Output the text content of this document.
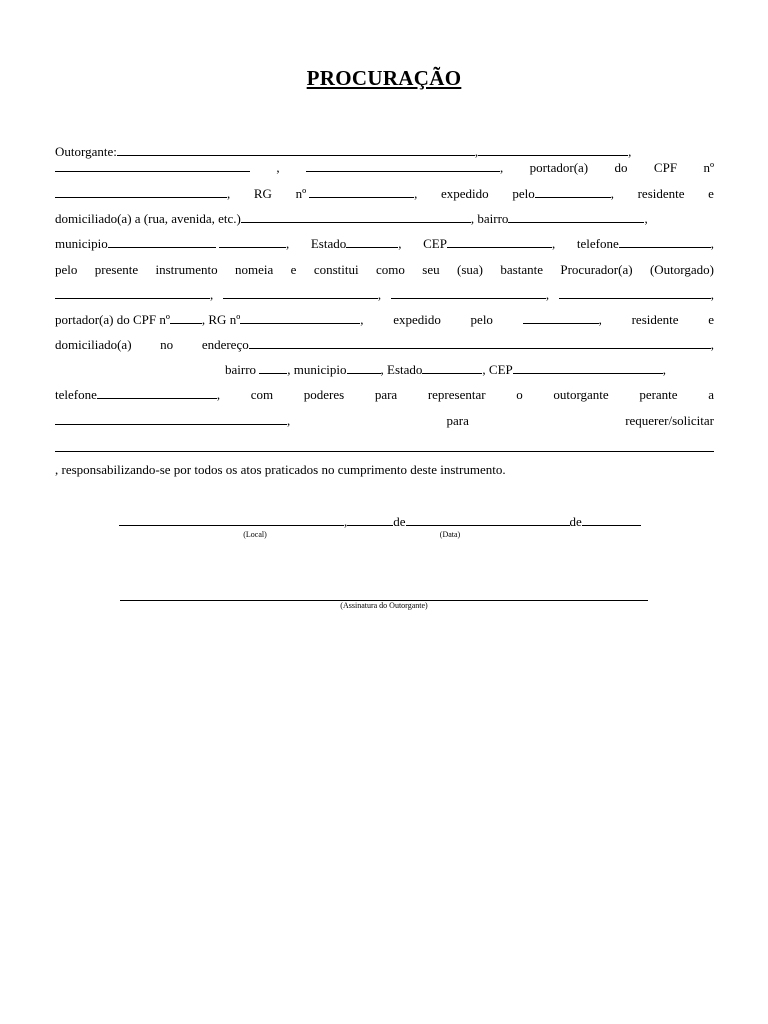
PROCURAÇÃO
Outorgante:	,	,
,	, portador(a) do CPF nº
, RG nº	, expedido pelo	, residente e
domiciliado(a) a (rua, avenida, etc.)	, bairro	,
municipio	, Estado	, CEP	, telefone	,
pelo presente instrumento nomeia e constitui como seu (sua) bastante Procurador(a) (Outorgado)
,	,	,	,
portador(a) do CPF nº , RG nº	, expedido pelo	, residente e
domiciliado(a) no endereço	,
bairro
, municipio	, Estado	, CEP	,
telefone	, com poderes para representar o outorgante perante a
,	para	requerer/solicitar
, responsabilizando-se por todos os atos praticados no cumprimento deste instrumento.
,	de	de
(Local)	(Data)
(Assinatura do Outorgante)
